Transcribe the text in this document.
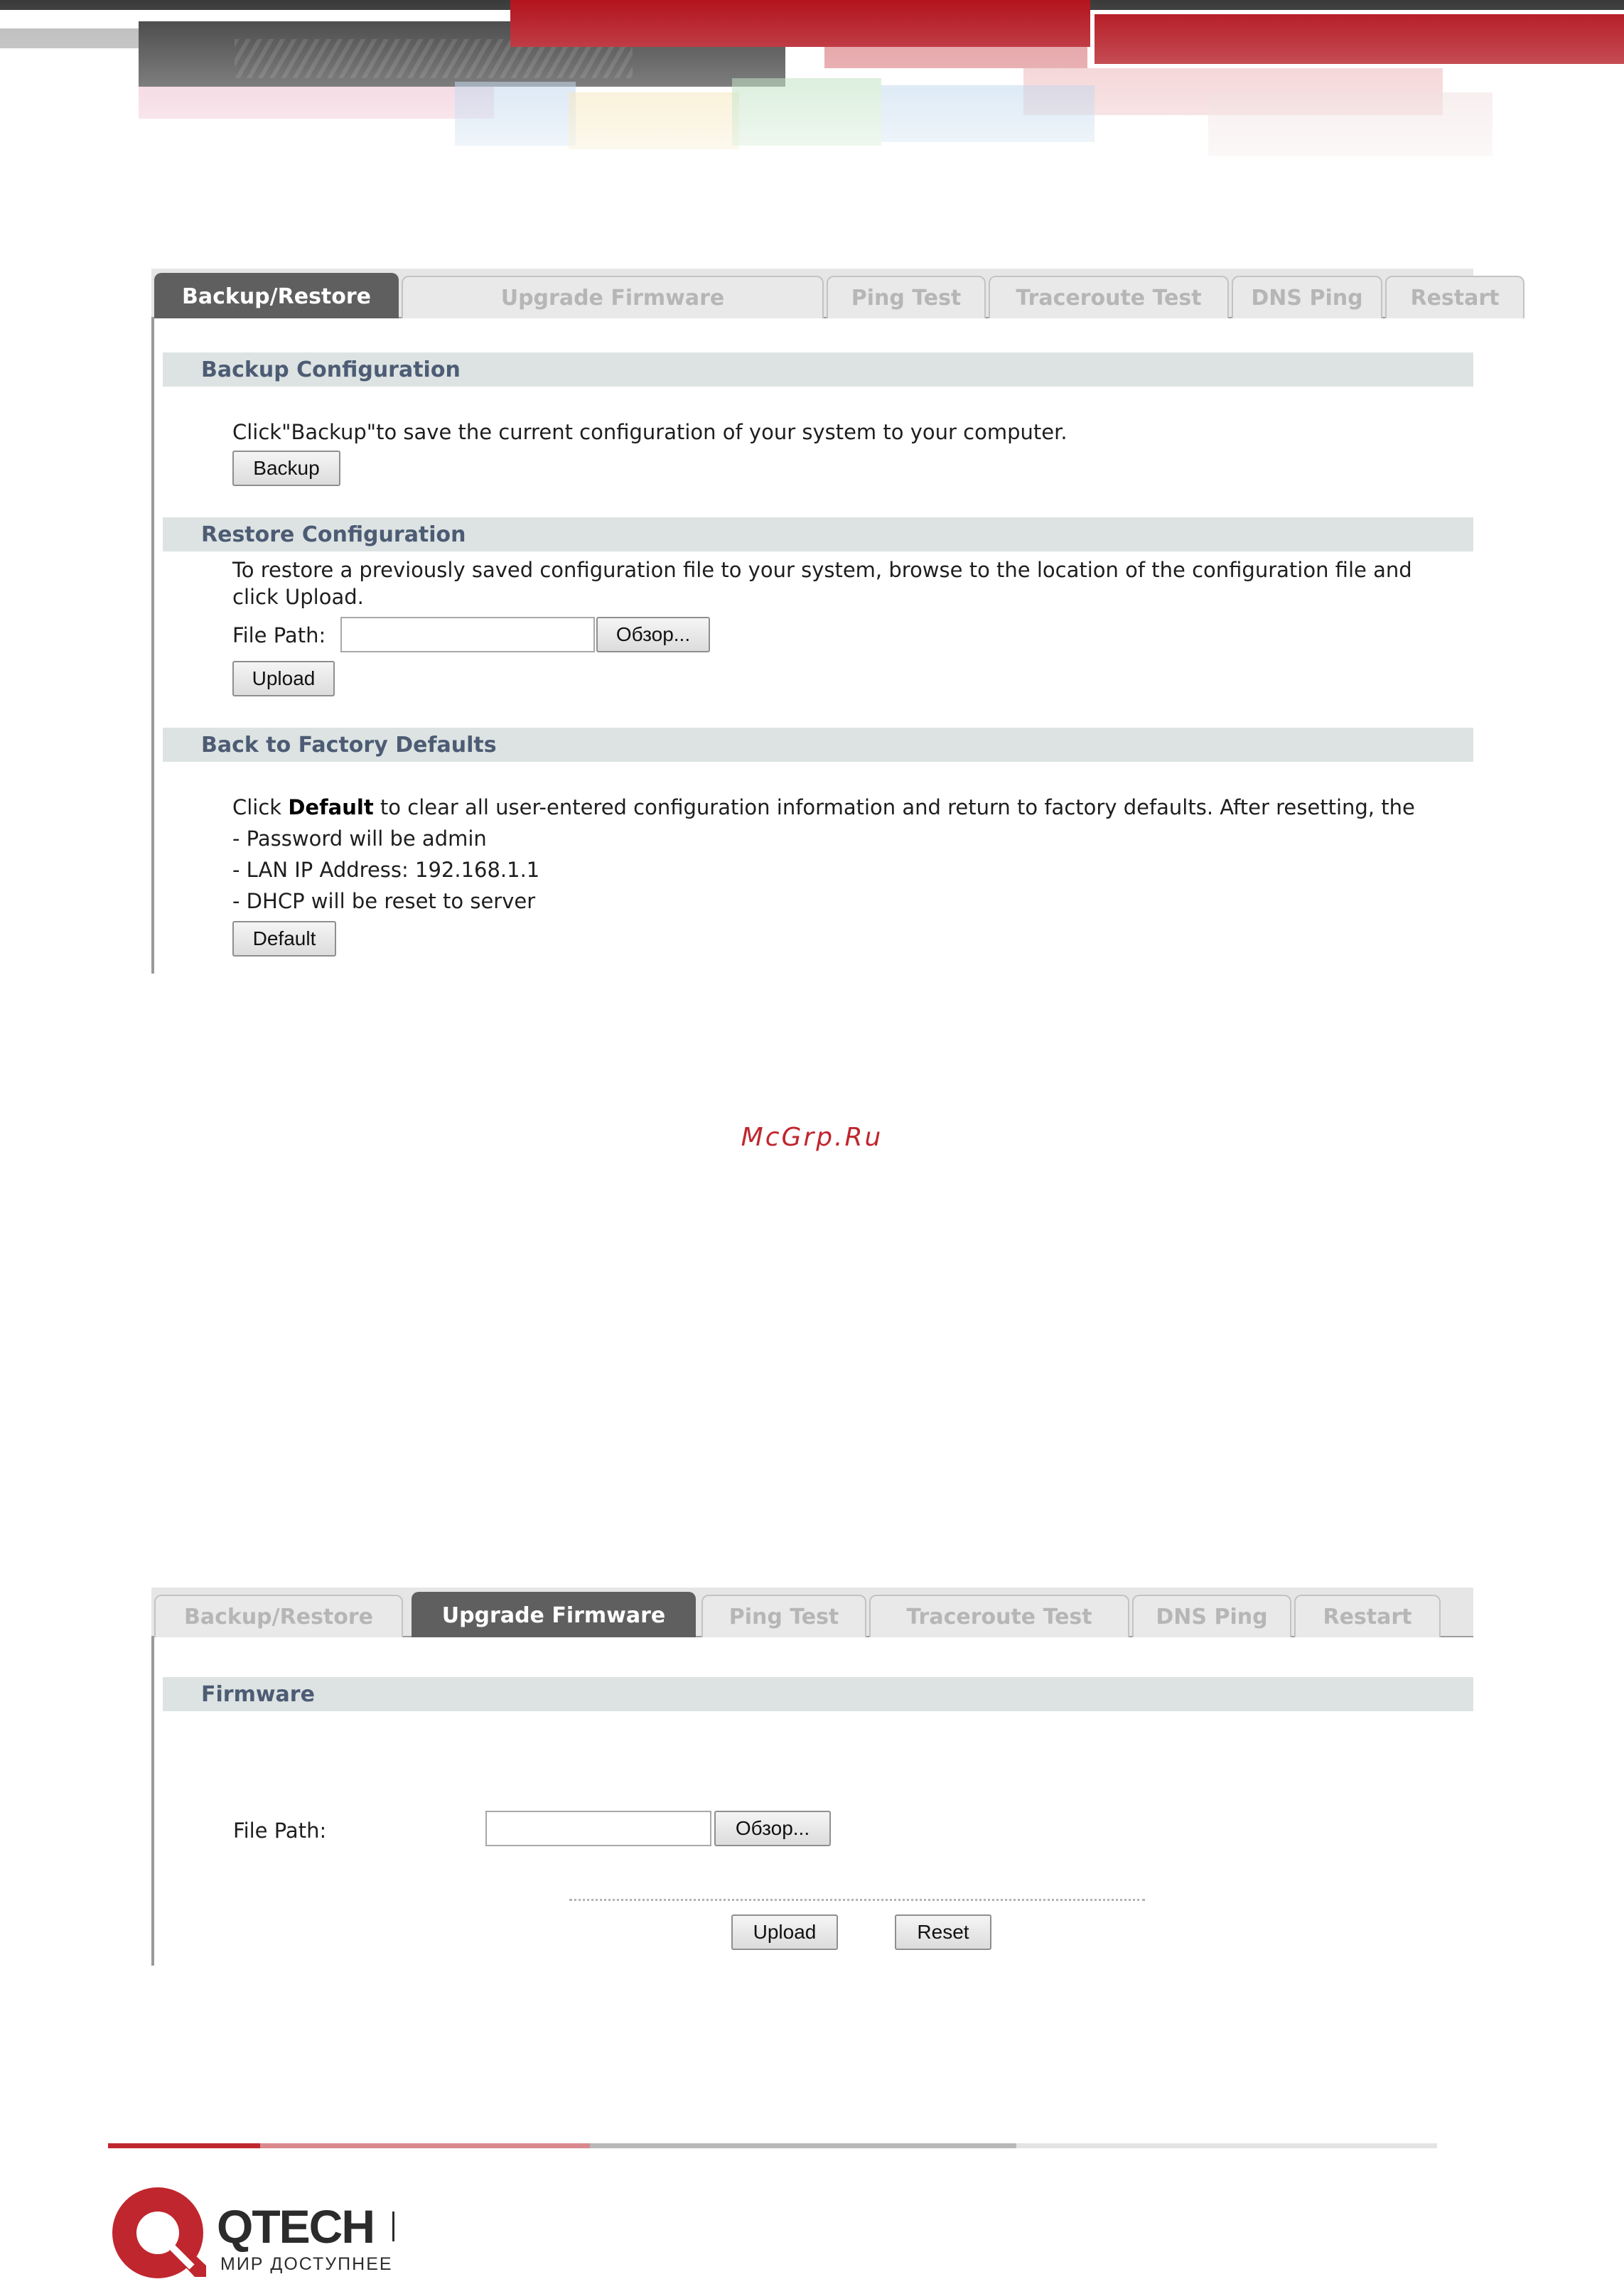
Backup/Restore	Upgrade Firmware	Ping Test	Traceroute Test	DNS Ping	Restart
Backup Configuration
Click"Backup"to save the current configuration of your system to your computer.
Backup
Restore Configuration
To restore a previously saved configuration file to your system, browse to the location of the configuration file and
click Upload.
File Path:	Обзор...
Upload
Back to Factory Defaults
Click Default to clear all user-entered configuration information and return to factory defaults. After resetting, the
- Password will be admin
- LAN IP Address: 192.168.1.1
- DHCP will be reset to server
Default
McGrp.Ru
Backup/Restore	Upgrade Firmware	Ping Test	Traceroute Test	DNS Ping	Restart
Firmware
File Path:	Обзор...
Upload	Reset
QTECH
МИР ДОСТУПНЕЕ
